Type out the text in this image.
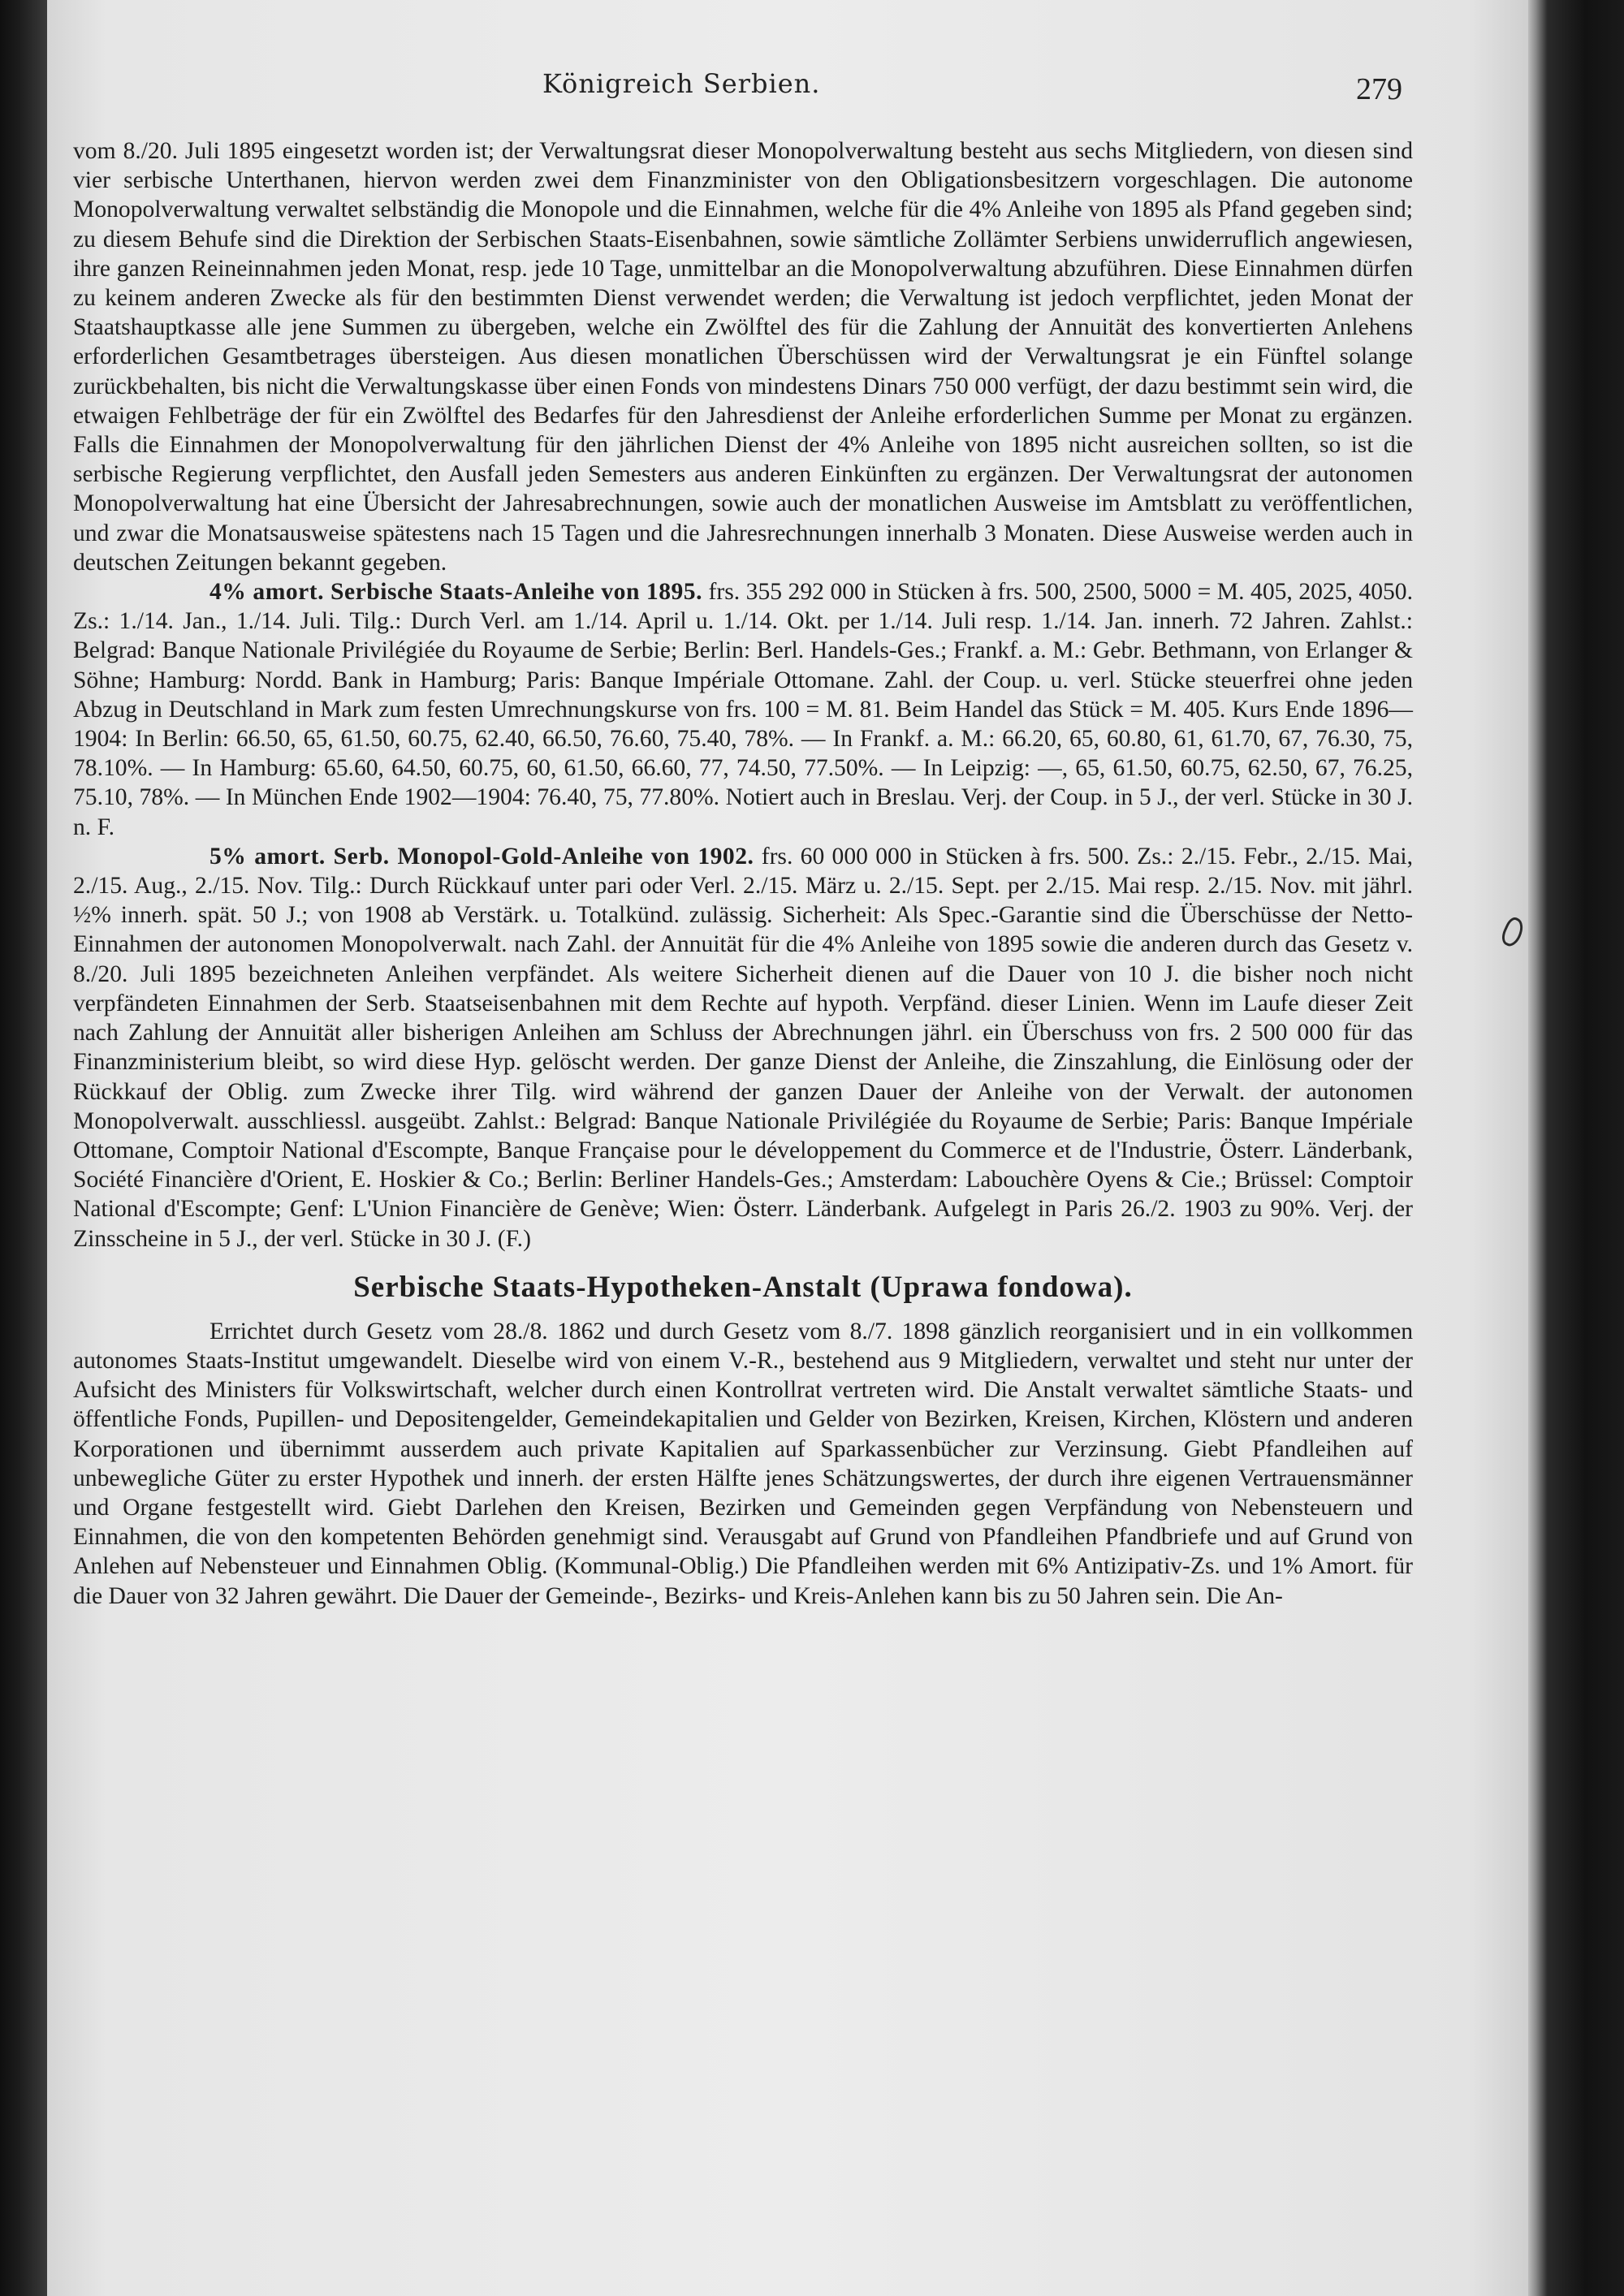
Königreich Serbien.	279

vom 8./20. Juli 1895 eingesetzt worden ist; der Verwaltungsrat dieser Monopolverwaltung besteht aus sechs Mitgliedern, von diesen sind vier serbische Unterthanen, hiervon werden zwei dem Finanzminister von den Obligationsbesitzern vorgeschlagen. Die autonome Monopolverwaltung verwaltet selbständig die Monopole und die Einnahmen, welche für die 4% Anleihe von 1895 als Pfand gegeben sind; zu diesem Behufe sind die Direktion der Serbischen Staats-Eisenbahnen, sowie sämtliche Zollämter Serbiens unwiderruflich angewiesen, ihre ganzen Reineinnahmen jeden Monat, resp. jede 10 Tage, unmittelbar an die Monopolverwaltung abzuführen. Diese Einnahmen dürfen zu keinem anderen Zwecke als für den bestimmten Dienst verwendet werden; die Verwaltung ist jedoch verpflichtet, jeden Monat der Staatshauptkasse alle jene Summen zu übergeben, welche ein Zwölftel des für die Zahlung der Annuität des konvertierten Anlehens erforderlichen Gesamtbetrages übersteigen. Aus diesen monatlichen Überschüssen wird der Verwaltungsrat je ein Fünftel solange zurückbehalten, bis nicht die Verwaltungskasse über einen Fonds von mindestens Dinars 750 000 verfügt, der dazu bestimmt sein wird, die etwaigen Fehlbeträge der für ein Zwölftel des Bedarfes für den Jahresdienst der Anleihe erforderlichen Summe per Monat zu ergänzen. Falls die Einnahmen der Monopolverwaltung für den jährlichen Dienst der 4% Anleihe von 1895 nicht ausreichen sollten, so ist die serbische Regierung verpflichtet, den Ausfall jeden Semesters aus anderen Einkünften zu ergänzen. Der Verwaltungsrat der autonomen Monopolverwaltung hat eine Übersicht der Jahresabrechnungen, sowie auch der monatlichen Ausweise im Amtsblatt zu veröffentlichen, und zwar die Monatsausweise spätestens nach 15 Tagen und die Jahresrechnungen innerhalb 3 Monaten. Diese Ausweise werden auch in deutschen Zeitungen bekannt gegeben.

4% amort. Serbische Staats-Anleihe von 1895. frs. 355 292 000 in Stücken à frs. 500, 2500, 5000 = M. 405, 2025, 4050. Zs.: 1./14. Jan., 1./14. Juli. Tilg.: Durch Verl. am 1./14. April u. 1./14. Okt. per 1./14. Juli resp. 1./14. Jan. innerh. 72 Jahren. Zahlst.: Belgrad: Banque Nationale Privilégiée du Royaume de Serbie; Berlin: Berl. Handels-Ges.; Frankf. a. M.: Gebr. Bethmann, von Erlanger & Söhne; Hamburg: Nordd. Bank in Hamburg; Paris: Banque Impériale Ottomane. Zahl. der Coup. u. verl. Stücke steuerfrei ohne jeden Abzug in Deutschland in Mark zum festen Umrechnungskurse von frs. 100 = M. 81. Beim Handel das Stück = M. 405. Kurs Ende 1896—1904: In Berlin: 66.50, 65, 61.50, 60.75, 62.40, 66.50, 76.60, 75.40, 78%. — In Frankf. a. M.: 66.20, 65, 60.80, 61, 61.70, 67, 76.30, 75, 78.10%. — In Hamburg: 65.60, 64.50, 60.75, 60, 61.50, 66.60, 77, 74.50, 77.50%. — In Leipzig: —, 65, 61.50, 60.75, 62.50, 67, 76.25, 75.10, 78%. — In München Ende 1902—1904: 76.40, 75, 77.80%. Notiert auch in Breslau. Verj. der Coup. in 5 J., der verl. Stücke in 30 J. n. F.

5% amort. Serb. Monopol-Gold-Anleihe von 1902. frs. 60 000 000 in Stücken à frs. 500. Zs.: 2./15. Febr., 2./15. Mai, 2./15. Aug., 2./15. Nov. Tilg.: Durch Rückkauf unter pari oder Verl. 2./15. März u. 2./15. Sept. per 2./15. Mai resp. 2./15. Nov. mit jährl. ½% innerh. spät. 50 J.; von 1908 ab Verstärk. u. Totalkünd. zulässig. Sicherheit: Als Spec.-Garantie sind die Überschüsse der Netto-Einnahmen der autonomen Monopolverwalt. nach Zahl. der Annuität für die 4% Anleihe von 1895 sowie die anderen durch das Gesetz v. 8./20. Juli 1895 bezeichneten Anleihen verpfändet. Als weitere Sicherheit dienen auf die Dauer von 10 J. die bisher noch nicht verpfändeten Einnahmen der Serb. Staatseisenbahnen mit dem Rechte auf hypoth. Verpfänd. dieser Linien. Wenn im Laufe dieser Zeit nach Zahlung der Annuität aller bisherigen Anleihen am Schluss der Abrechnungen jährl. ein Überschuss von frs. 2 500 000 für das Finanzministerium bleibt, so wird diese Hyp. gelöscht werden. Der ganze Dienst der Anleihe, die Zinszahlung, die Einlösung oder der Rückkauf der Oblig. zum Zwecke ihrer Tilg. wird während der ganzen Dauer der Anleihe von der Verwalt. der autonomen Monopolverwalt. ausschliessl. ausgeübt. Zahlst.: Belgrad: Banque Nationale Privilégiée du Royaume de Serbie; Paris: Banque Impériale Ottomane, Comptoir National d'Escompte, Banque Française pour le développement du Commerce et de l'Industrie, Österr. Länderbank, Société Financière d'Orient, E. Hoskier & Co.; Berlin: Berliner Handels-Ges.; Amsterdam: Labouchère Oyens & Cie.; Brüssel: Comptoir National d'Escompte; Genf: L'Union Financière de Genève; Wien: Österr. Länderbank. Aufgelegt in Paris 26./2. 1903 zu 90%. Verj. der Zinsscheine in 5 J., der verl. Stücke in 30 J. (F.)

Serbische Staats-Hypotheken-Anstalt (Uprawa fondowa).

Errichtet durch Gesetz vom 28./8. 1862 und durch Gesetz vom 8./7. 1898 gänzlich reorganisiert und in ein vollkommen autonomes Staats-Institut umgewandelt. Dieselbe wird von einem V.-R., bestehend aus 9 Mitgliedern, verwaltet und steht nur unter der Aufsicht des Ministers für Volkswirtschaft, welcher durch einen Kontrollrat vertreten wird. Die Anstalt verwaltet sämtliche Staats- und öffentliche Fonds, Pupillen- und Depositengelder, Gemeindekapitalien und Gelder von Bezirken, Kreisen, Kirchen, Klöstern und anderen Korporationen und übernimmt ausserdem auch private Kapitalien auf Sparkassenbücher zur Verzinsung. Giebt Pfandleihen auf unbewegliche Güter zu erster Hypothek und innerh. der ersten Hälfte jenes Schätzungswertes, der durch ihre eigenen Vertrauensmänner und Organe festgestellt wird. Giebt Darlehen den Kreisen, Bezirken und Gemeinden gegen Verpfändung von Nebensteuern und Einnahmen, die von den kompetenten Behörden genehmigt sind. Verausgabt auf Grund von Pfandleihen Pfandbriefe und auf Grund von Anlehen auf Nebensteuer und Einnahmen Oblig. (Kommunal-Oblig.) Die Pfandleihen werden mit 6% Antizipativ-Zs. und 1% Amort. für die Dauer von 32 Jahren gewährt. Die Dauer der Gemeinde-, Bezirks- und Kreis-Anlehen kann bis zu 50 Jahren sein. Die An-
